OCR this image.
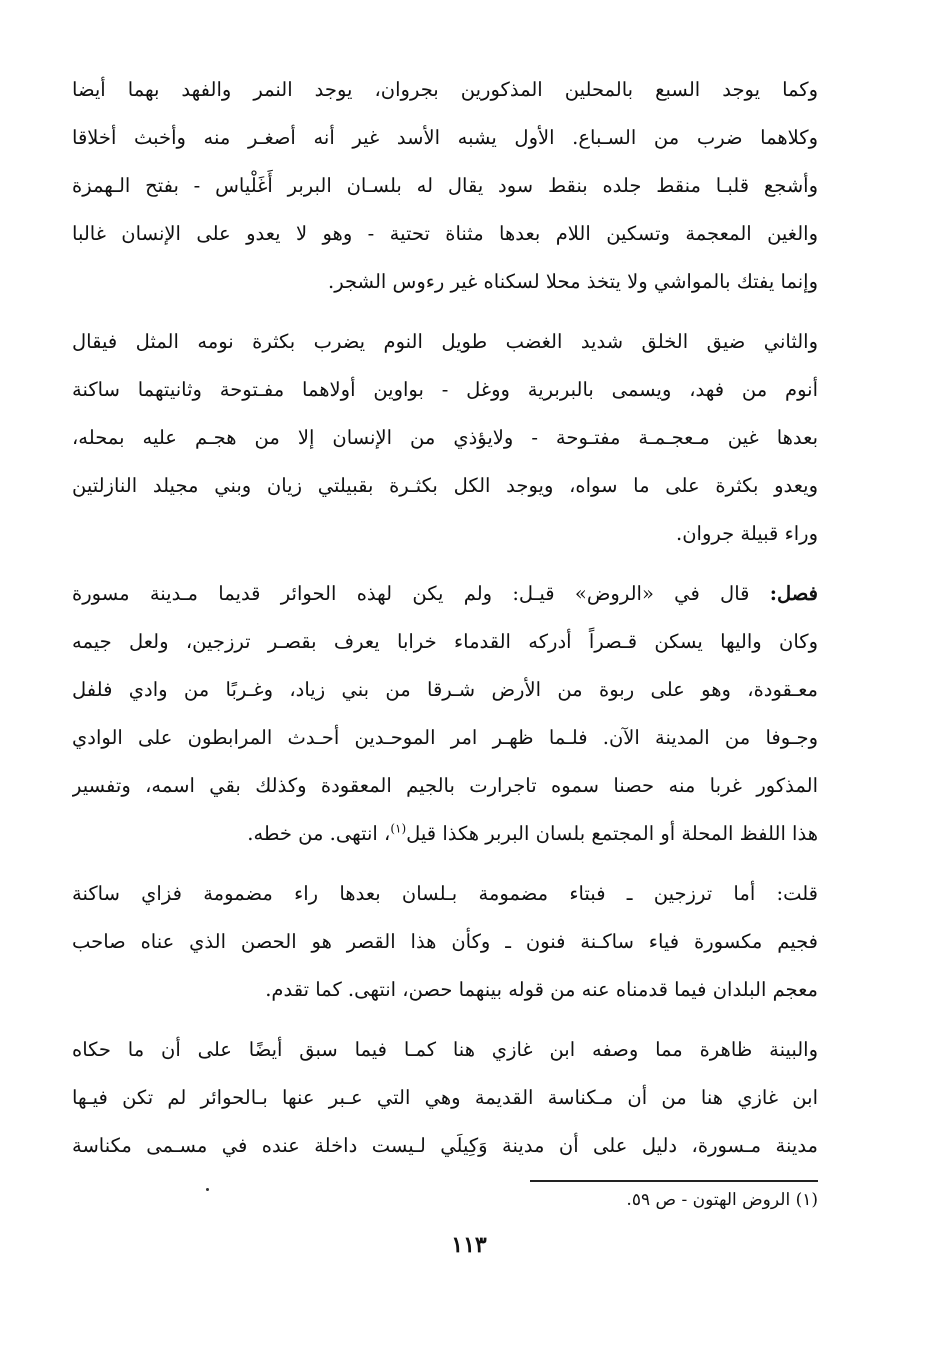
وكما يوجد السبع بالمحلين المذكورين بجروان، يوجد النمر والفهد بهما أيضا
وكلاهما ضرب من السـباع. الأول يشبه الأسد غير أنه أصغـر منه وأخبث أخلاقا
وأشجع قلبـا منقط جلده بنقط سود يقال له بلسـان البربر أَغَلْياس - بفتح الـهمزة
والغين المعجمة وتسكين اللام بعدها مثناة تحتية - وهو لا يعدو على الإنسان غالبا
وإنما يفتك بالمواشي ولا يتخذ محلا لسكناه غير رءوس الشجر.
والثاني ضيق الخلق شديد الغضب طويل النوم يضرب بكثرة نومه المثل فيقال
أنوم من فهد، ويسمى بالبربرية ووغل - بواوين أولاهما مفـتوحة وثانيتهما ساكنة
بعدها غين مـعجـمـة مفتـوحة - ولايؤذي من الإنسان إلا من هجـم عليه بمحله،
ويعدو بكثرة على ما سواه، ويوجد الكل بكثـرة بقبيلتي زيان وبني مجيلد النازلتين
وراء قبيلة جروان.
فصل: قال في «الروض» قيـل: ولم يكن لهذه الحوائر قديما مـدينة مسورة
وكان واليها يسكن قـصراً أدركه القدماء خرابا يعرف بقصـر ترزجين، ولعل جيمه
معـقودة، وهو على ربوة من الأرض شـرقا من بني زياد، وغـربًا من وادي فلفل
وجـوفا من المدينة الآن. فلـما ظهـر امر الموحـدين أحـدث المرابطون على الوادي
المذكور غربا منه حصنا سموه تاجرارت بالجيم المعقودة وكذلك بقي اسمه، وتفسير
هذا اللفظ المحلة أو المجتمع بلسان البربر هكذا قيل$^{(١)}$، انتهى. من خطه.
قلت: أما ترزجين ـ فبتاء مضمومة بـلسان بعدها راء مضمومة فزاي ساكنة
فجيم مكسورة فياء ساكـنة فنون ـ وكأن هذا القصر هو الحصن الذي عناه صاحب
معجم البلدان فيما قدمناه عنه من قوله بينهما حصن، انتهى. كما تقدم.
والبينة ظاهرة مما وصفه ابن غازي هنا كمـا فيما سبق أيضًا على أن ما حكاه
ابن غازي هنا من أن مـكناسة القديمة وهي التي عـبر عنها بـالحوائر لم تكن فيـها
مدينة مـسورة، دليل على أن مدينة وَكِيلَي لـيست داخلة عنده في مسـمى مكناسة
(١) الروض الهتون - ص ٥٩.
١١٣
